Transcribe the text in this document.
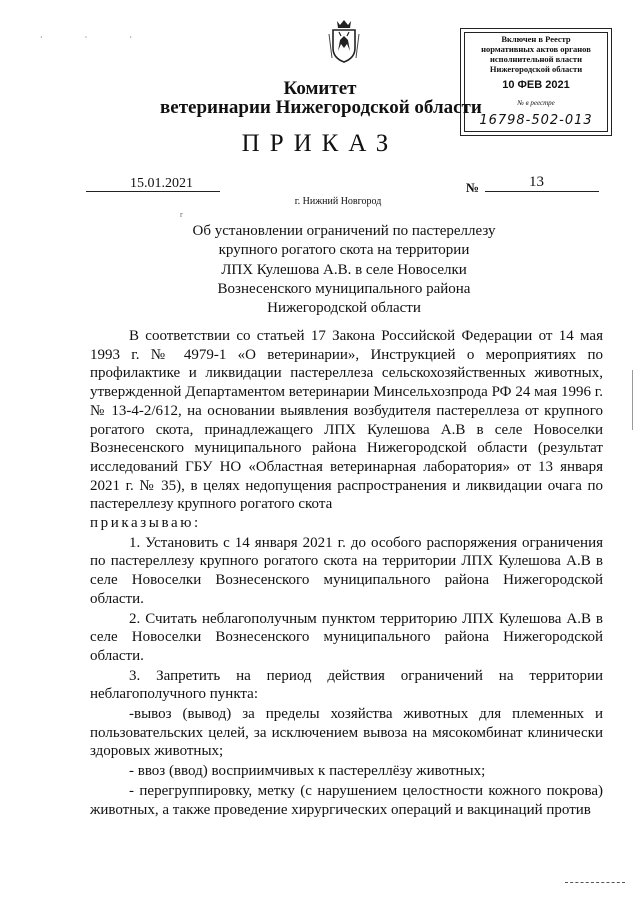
· · ·
r
Включен в Реестр
нормативных актов органов
исполнительной власти
Нижегородской области
10 ФЕВ 2021
№ в реестре
16798-502-013
Комитет
ветеринарии Нижегородской области
ПРИКАЗ
15.01.2021	№	13
г. Нижний Новгород
Об установлении ограничений по пастереллезу
крупного рогатого скота на территории
ЛПХ Кулешова А.В. в селе Новоселки
Вознесенского муниципального района
Нижегородской области
В соответствии со статьей 17 Закона Российской Федерации от 14 мая 1993 г. № 4979-1 «О ветеринарии», Инструкцией о мероприятиях по профилактике и ликвидации пастереллеза сельскохозяйственных животных, утвержденной Департаментом ветеринарии Минсельхозпрода РФ 24 мая 1996 г. № 13-4-2/612, на основании выявления возбудителя пастереллеза от крупного рогатого скота, принадлежащего ЛПХ Кулешова А.В в селе Новоселки Вознесенского муниципального района Нижегородской области (результат исследований ГБУ НО «Областная ветеринарная лаборатория» от 13 января 2021 г. № 35), в целях недопущения распространения и ликвидации очага по пастереллезу крупного рогатого скота
приказываю:
1. Установить с 14 января 2021 г. до особого распоряжения ограничения по пастереллезу крупного рогатого скота на территории ЛПХ Кулешова А.В в селе Новоселки Вознесенского муниципального района Нижегородской области.
2. Считать неблагополучным пунктом территорию ЛПХ Кулешова А.В в селе Новоселки Вознесенского муниципального района Нижегородской области.
3. Запретить на период действия ограничений на территории неблагополучного пункта:
-вывоз (вывод) за пределы хозяйства животных для племенных и пользовательских целей, за исключением вывоза на мясокомбинат клинически здоровых животных;
- ввоз (ввод) восприимчивых к пастереллёзу животных;
- перегруппировку, метку (с нарушением целостности кожного покрова) животных, а также проведение хирургических операций и вакцинаций против
